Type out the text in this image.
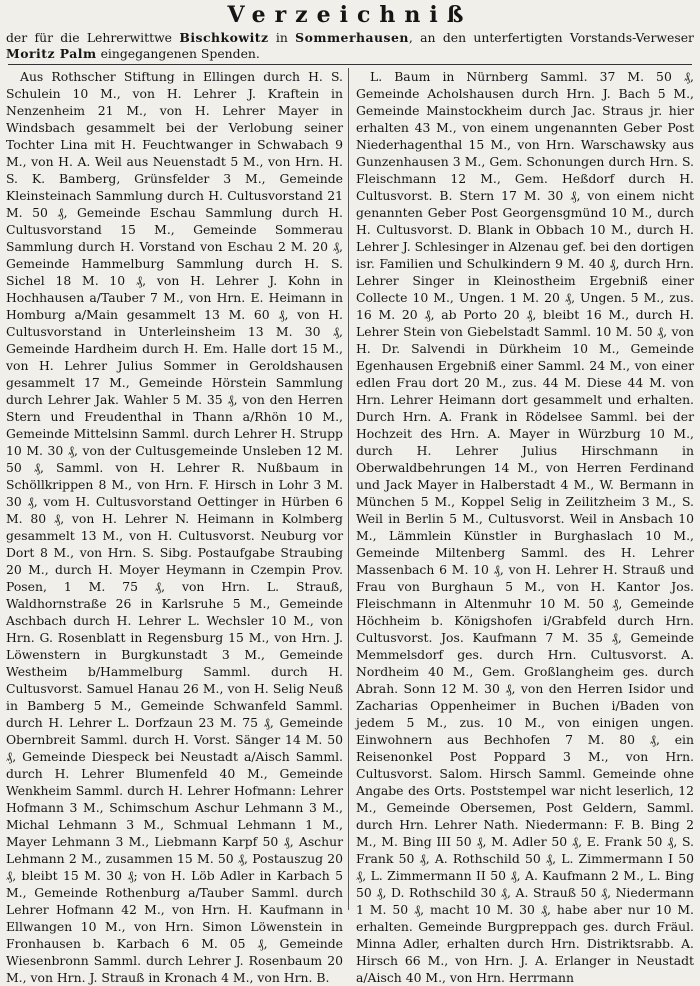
Verzeichniß
der für die Lehrerwittwe Bischkowitz in Sommerhausen, an den unterfertigten Vorstands-Verweser Moritz Palm eingegangenen Spenden.

Aus Rothscher Stiftung in Ellingen durch H. S. Schulein 10 M., von H. Lehrer J. Kraftein in Nenzenheim 21 M., von H. Lehrer Mayer in Windsbach gesammelt bei der Verlobung seiner Tochter Lina mit H. Feuchtwanger in Schwabach 9 M., von H. A. Weil aus Neuenstadt 5 M., von Hrn. H. S. K. Bamberg, Grünsfelder 3 M., Gemeinde Kleinsteinach Sammlung durch H. Cultusvorstand 21 M. 50 ₰, Gemeinde Eschau Sammlung durch H. Cultusvorstand 15 M., Gemeinde Sommerau Sammlung durch H. Vorstand von Eschau 2 M. 20 ₰, Gemeinde Hammelburg Sammlung durch H. S. Sichel 18 M. 10 ₰, von H. Lehrer J. Kohn in Hochhausen a/Tauber 7 M., von Hrn. E. Heimann in Homburg a/Main gesammelt 13 M. 60 ₰, von H. Cultusvorstand in Unterleinsheim 13 M. 30 ₰, Gemeinde Hardheim durch H. Em. Halle dort 15 M., von H. Lehrer Julius Sommer in Geroldshausen gesammelt 17 M., Gemeinde Hörstein Sammlung durch Lehrer Jak. Wahler 5 M. 35 ₰, von den Herren Stern und Freudenthal in Thann a/Rhön 10 M., Gemeinde Mittelsinn Samml. durch Lehrer H. Strupp 10 M. 30 ₰, von der Cultusgemeinde Unsleben 12 M. 50 ₰, Samml. von H. Lehrer R. Nußbaum in Schöllkrippen 8 M., von Hrn. F. Hirsch in Lohr 3 M. 30 ₰, vom H. Cultusvorstand Oettinger in Hürben 6 M. 80 ₰, von H. Lehrer N. Heimann in Kolmberg gesammelt 13 M., von H. Cultusvorst. Neuburg vor Dort 8 M., von Hrn. S. Sibg. Postaufgabe Straubing 20 M., durch H. Moyer Heymann in Czempin Prov. Posen, 1 M. 75 ₰, von Hrn. L. Strauß, Waldhornstraße 26 in Karlsruhe 5 M., Gemeinde Aschbach durch H. Lehrer L. Wechsler 10 M., von Hrn. G. Rosenblatt in Regensburg 15 M., von Hrn. J. Löwenstern in Burgkunstadt 3 M., Gemeinde Westheim b/Hammelburg Samml. durch H. Cultusvorst. Samuel Hanau 26 M., von H. Selig Neuß in Bamberg 5 M., Gemeinde Schwanfeld Samml. durch H. Lehrer L. Dorfzaun 23 M. 75 ₰, Gemeinde Obernbreit Samml. durch H. Vorst. Sänger 14 M. 50 ₰, Gemeinde Diespeck bei Neustadt a/Aisch Samml. durch H. Lehrer Blumenfeld 40 M., Gemeinde Wenkheim Samml. durch H. Lehrer Hofmann: Lehrer Hofmann 3 M., Schimschum Aschur Lehmann 3 M., Michal Lehmann 3 M., Schmual Lehmann 1 M., Mayer Lehmann 3 M., Liebmann Karpf 50 ₰, Aschur Lehmann 2 M., zusammen 15 M. 50 ₰, Postauszug 20 ₰, bleibt 15 M. 30 ₰; von H. Löb Adler in Karbach 5 M., Gemeinde Rothenburg a/Tauber Samml. durch Lehrer Hofmann 42 M., von Hrn. H. Kaufmann in Ellwangen 10 M., von Hrn. Simon Löwenstein in Fronhausen b. Karbach 6 M. 05 ₰, Gemeinde Wiesenbronn Samml. durch Lehrer J. Rosenbaum 20 M., von Hrn. J. Strauß in Kronach 4 M., von Hrn. B.

L. Baum in Nürnberg Samml. 37 M. 50 ₰, Gemeinde Acholshausen durch Hrn. J. Bach 5 M., Gemeinde Mainstockheim durch Jac. Straus jr. hier erhalten 43 M., von einem ungenannten Geber Post Niederhagenthal 15 M., von Hrn. Warschawsky aus Gunzenhausen 3 M., Gem. Schonungen durch Hrn. S. Fleischmann 12 M., Gem. Heßdorf durch H. Cultusvorst. B. Stern 17 M. 30 ₰, von einem nicht genannten Geber Post Georgensgmünd 10 M., durch H. Cultusvorst. D. Blank in Obbach 10 M., durch H. Lehrer J. Schlesinger in Alzenau gef. bei den dortigen isr. Familien und Schulkindern 9 M. 40 ₰, durch Hrn. Lehrer Singer in Kleinostheim Ergebniß einer Collecte 10 M., Ungen. 1 M. 20 ₰, Ungen. 5 M., zus. 16 M. 20 ₰, ab Porto 20 ₰, bleibt 16 M., durch H. Lehrer Stein von Giebelstadt Samml. 10 M. 50 ₰, von H. Dr. Salvendi in Dürkheim 10 M., Gemeinde Egenhausen Ergebniß einer Samml. 24 M., von einer edlen Frau dort 20 M., zus. 44 M. Diese 44 M. von Hrn. Lehrer Heimann dort gesammelt und erhalten. Durch Hrn. A. Frank in Rödelsee Samml. bei der Hochzeit des Hrn. A. Mayer in Würzburg 10 M., durch H. Lehrer Julius Hirschmann in Oberwaldbehrungen 14 M., von Herren Ferdinand und Jack Mayer in Halberstadt 4 M., W. Bermann in München 5 M., Koppel Selig in Zeilitzheim 3 M., S. Weil in Berlin 5 M., Cultusvorst. Weil in Ansbach 10 M., Lämmlein Künstler in Burghaslach 10 M., Gemeinde Miltenberg Samml. des H. Lehrer Massenbach 6 M. 10 ₰, von H. Lehrer H. Strauß und Frau von Burghaun 5 M., von H. Kantor Jos. Fleischmann in Altenmuhr 10 M. 50 ₰, Gemeinde Höchheim b. Königshofen i/Grabfeld durch Hrn. Cultusvorst. Jos. Kaufmann 7 M. 35 ₰, Gemeinde Memmelsdorf ges. durch Hrn. Cultusvorst. A. Nordheim 40 M., Gem. Großlangheim ges. durch Abrah. Sonn 12 M. 30 ₰, von den Herren Isidor und Zacharias Oppenheimer in Buchen i/Baden von jedem 5 M., zus. 10 M., von einigen ungen. Einwohnern aus Bechhofen 7 M. 80 ₰, ein Reisenonkel Post Poppard 3 M., von Hrn. Cultusvorst. Salom. Hirsch Samml. Gemeinde ohne Angabe des Orts. Poststempel war nicht leserlich, 12 M., Gemeinde Obersemen, Post Geldern, Samml. durch Hrn. Lehrer Nath. Niedermann: F. B. Bing 2 M., M. Bing III 50 ₰, M. Adler 50 ₰, E. Frank 50 ₰, S. Frank 50 ₰, A. Rothschild 50 ₰, L. Zimmermann I 50 ₰, L. Zimmermann II 50 ₰, A. Kaufmann 2 M., L. Bing 50 ₰, D. Rothschild 30 ₰, A. Strauß 50 ₰, Niedermann 1 M. 50 ₰, macht 10 M. 30 ₰, habe aber nur 10 M. erhalten. Gemeinde Burgpreppach ges. durch Fräul. Minna Adler, erhalten durch Hrn. Distriktsrabb. A. Hirsch 66 M., von Hrn. J. A. Erlanger in Neustadt a/Aisch 40 M., von Hrn. Herrmann
